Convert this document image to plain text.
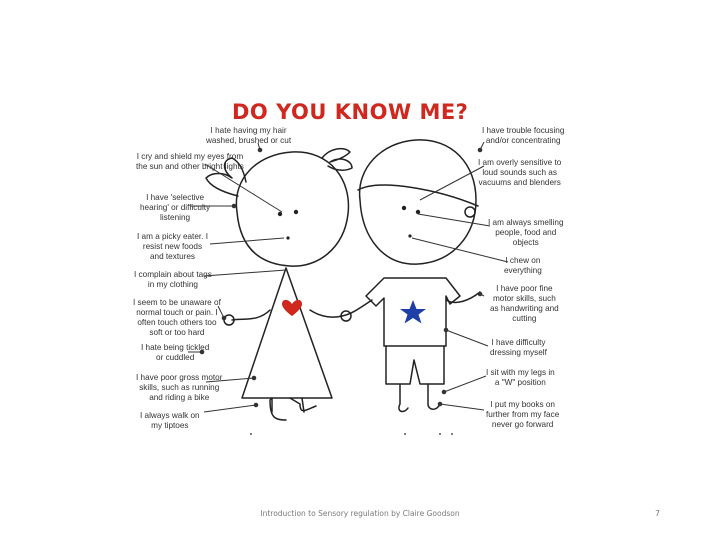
DO YOU KNOW ME?
I hate having my hair
washed, brushed or cut
I cry and shield my eyes from
the sun and other bright lights
I have 'selective
hearing' or difficulty
listening
I am a picky eater. I
resist new foods
and textures
I complain about tags
in my clothing
I seem to be unaware of
normal touch or pain. I
often touch others too
soft or too hard
I hate being tickled
or cuddled
I have poor gross motor
skills, such as running
and riding a bike
I always walk on
my tiptoes
I have trouble focusing
and/or concentrating
I am overly sensitive to
loud sounds such as
vacuums and blenders
I am always smelling
people, food and
objects
I chew on
everything
I have poor fine
motor skills, such
as handwriting and
cutting
I have difficulty
dressing myself
I sit with my legs in
a "W" position
I put my books on
further from my face
never go forward
Introduction to Sensory regulation by Claire Goodson	7
